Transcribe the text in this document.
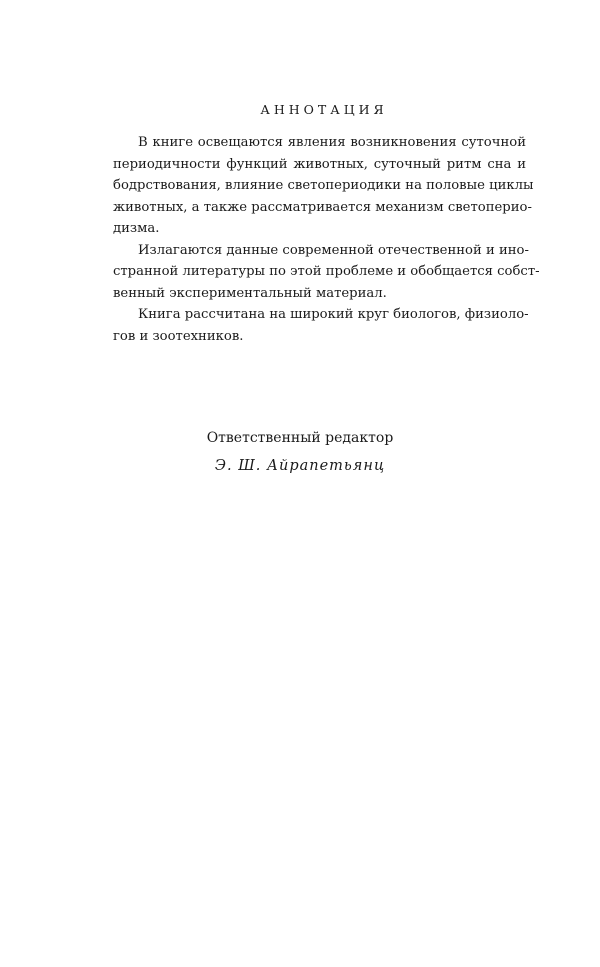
АННОТАЦИЯ
В книге освещаются явления возникновения суточной
периодичности функций животных, суточный ритм сна и
бодрствования, влияние светопериодики на половые циклы
животных, а также рассматривается механизм светоперио-
дизма.
Излагаются данные современной отечественной и ино-
странной литературы по этой проблеме и обобщается собст-
венный экспериментальный материал.
Книга рассчитана на широкий круг биологов, физиоло-
гов и зоотехников.
Ответственный редактор
Э. Ш. Айрапетьянц
